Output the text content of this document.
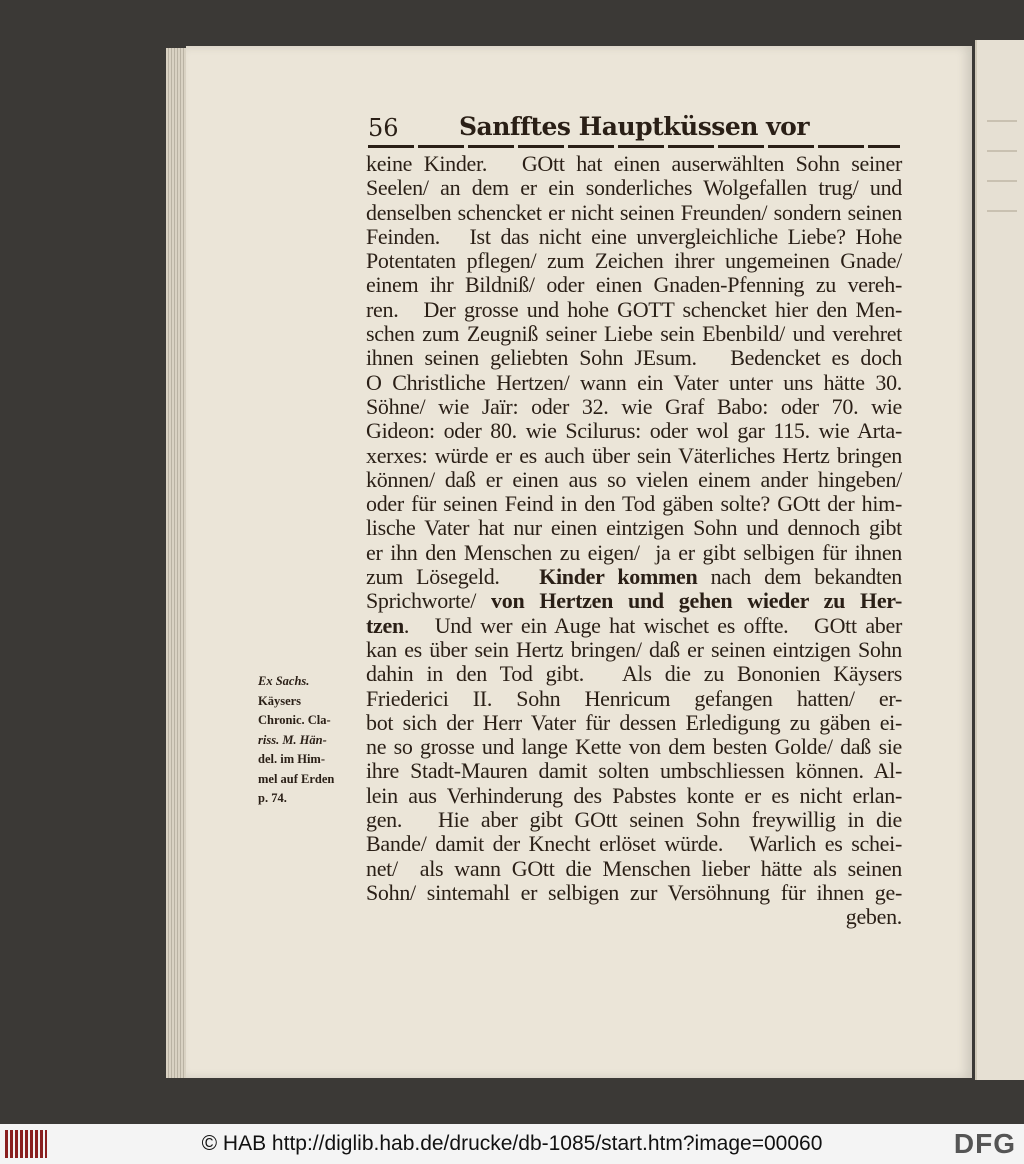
56	Sanfftes Hauptküssen vor
keine Kinder.   GOtt hat einen auserwählten Sohn seiner
Seelen/ an dem er ein sonderliches Wolgefallen trug/ und
denselben schencket er nicht seinen Freunden/ sondern seinen
Feinden.   Ist das nicht eine unvergleichliche Liebe? Hohe
Potentaten pflegen/ zum Zeichen ihrer ungemeinen Gnade/
einem ihr Bildniß/ oder einen Gnaden-Pfenning zu vereh-
ren.   Der grosse und hohe GOTT schencket hier den Men-
schen zum Zeugniß seiner Liebe sein Ebenbild/ und verehret
ihnen seinen geliebten Sohn JEsum.   Bedencket es doch
O Christliche Hertzen/ wann ein Vater unter uns hätte 30.
Söhne/ wie Jaïr: oder 32. wie Graf Babo: oder 70. wie
Gideon: oder 80. wie Scilurus: oder wol gar 115. wie Arta-
xerxes: würde er es auch über sein Väterliches Hertz bringen
können/ daß er einen aus so vielen einem ander hingeben/
oder für seinen Feind in den Tod gäben solte? GOtt der him-
lische Vater hat nur einen eintzigen Sohn und dennoch gibt
er ihn den Menschen zu eigen/  ja er gibt selbigen für ihnen
zum Lösegeld.   Kinder kommen nach dem bekandten
Sprichworte/ von Hertzen und gehen wieder zu Her-
tzen.   Und wer ein Auge hat wischet es offte.   GOtt aber
kan es über sein Hertz bringen/ daß er seinen eintzigen Sohn
dahin in den Tod gibt.   Als die zu Bononien Käysers
Friederici II. Sohn Henricum gefangen hatten/ er-
bot sich der Herr Vater für dessen Erledigung zu gäben ei-
ne so grosse und lange Kette von dem besten Golde/ daß sie
ihre Stadt-Mauren damit solten umbschliessen können. Al-
lein aus Verhinderung des Pabstes konte er es nicht erlan-
gen.   Hie aber gibt GOtt seinen Sohn freywillig in die
Bande/ damit der Knecht erlöset würde.   Warlich es schei-
net/  als wann GOtt die Menschen lieber hätte als seinen
Sohn/ sintemahl er selbigen zur Versöhnung für ihnen ge-
geben.
Ex Sachs.
Käysers
Chronic. Cla-
riss. M. Hän-
del. im Him-
mel auf Erden
p. 74.
© HAB http://diglib.hab.de/drucke/db-1085/start.htm?image=00060	DFG
